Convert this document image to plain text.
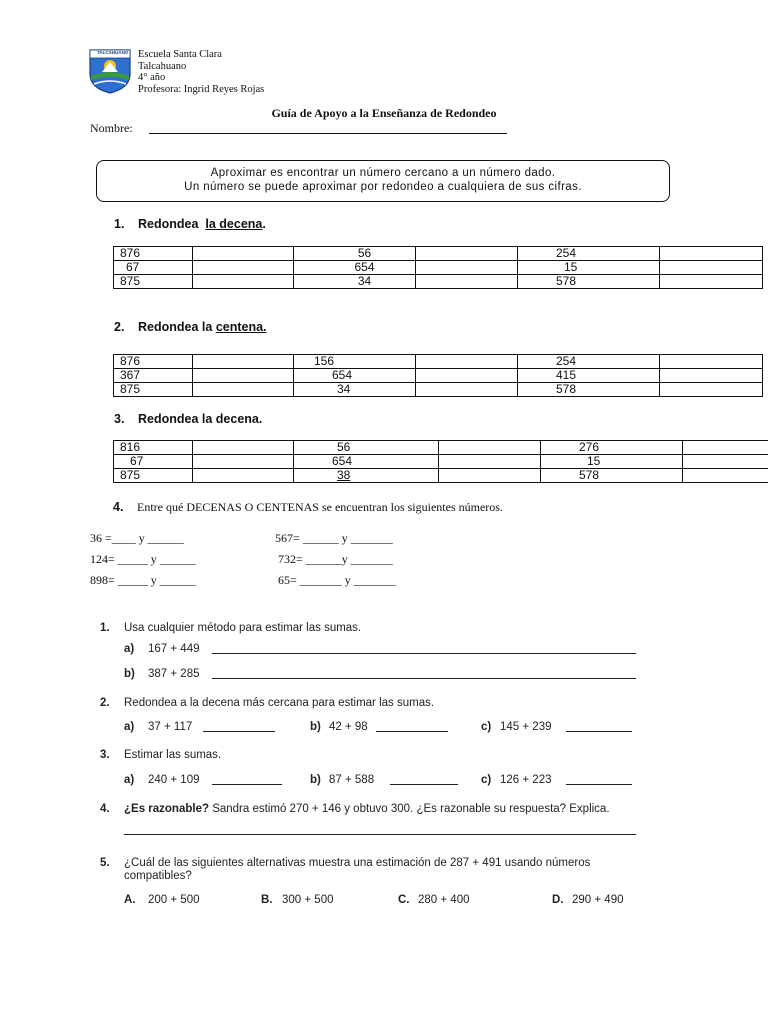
TALCAHUANO Escuela Santa Clara
Talcahuano
4° año
Profesora: Ingrid Reyes Rojas
Guía de Apoyo a la Enseñanza de Redondeo
Nombre:
Aproximar es encontrar un número cercano a un número dado.
Un número se puede aproximar por redondeo a cualquiera de sus cifras.
1. Redondea la decena.
876		56		254	
67		654		15	
875		34		578	
2. Redondea la centena.
876		156		254	
367		654		415	
875		34		578	
3. Redondea la decena.
816		56		276	
67		654		15	
875		38		578	
4. Entre qué DECENAS O CENTENAS se encuentran los siguientes números.
36 =____ y ______	567= ______ y _______
124= _____ y ______	732= ______y _______
898= _____ y ______	65= _______ y _______
1. Usa cualquier método para estimar las sumas.
a) 167 + 449
b) 387 + 285
2. Redondea a la decena más cercana para estimar las sumas.
a) 37 + 117	b) 42 + 98	c) 145 + 239
3. Estimar las sumas.
a) 240 + 109	b) 87 + 588	c) 126 + 223
4. ¿Es razonable? Sandra estimó 270 + 146 y obtuvo 300. ¿Es razonable su respuesta? Explica.
5. ¿Cuál de las siguientes alternativas muestra una estimación de 287 + 491 usando números
compatibles?
A. 200 + 500	B. 300 + 500	C. 280 + 400	D. 290 + 490
